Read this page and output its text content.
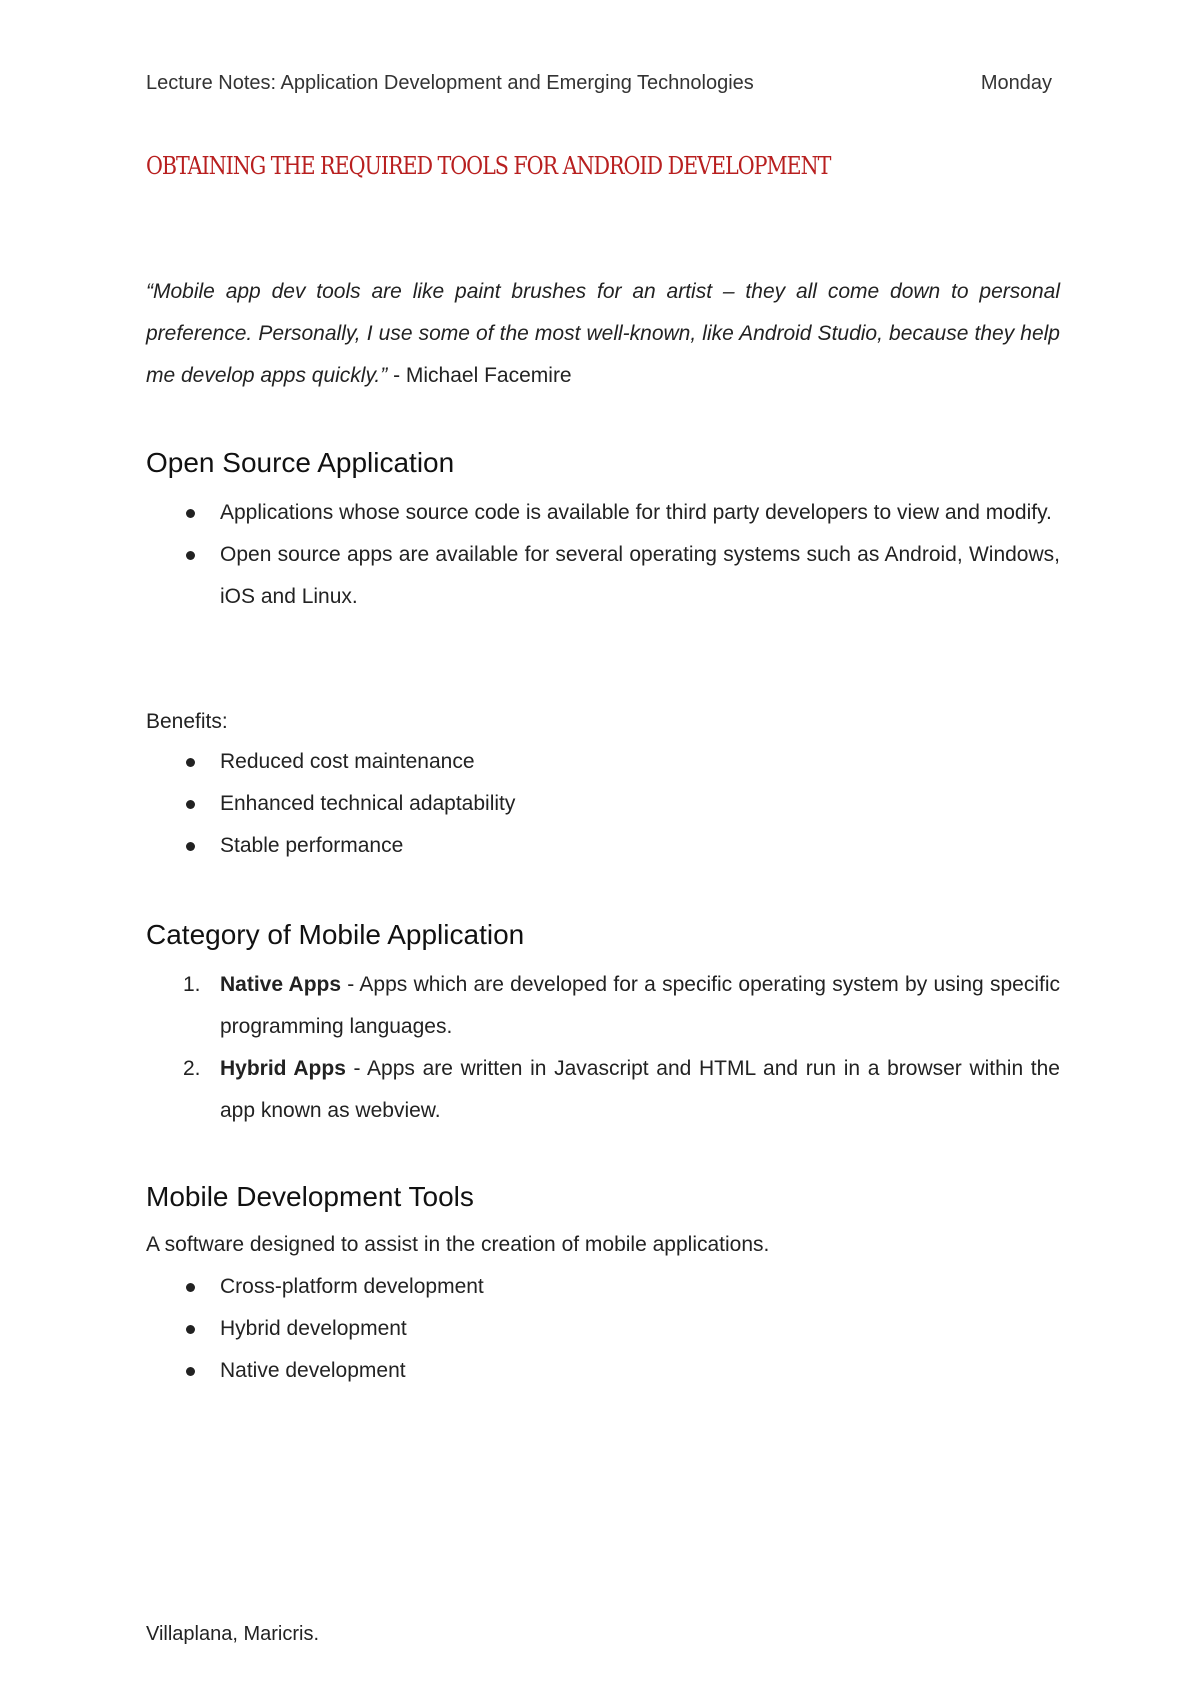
Lecture Notes: Application Development and Emerging Technologies	Monday
OBTAINING THE REQUIRED TOOLS FOR ANDROID DEVELOPMENT
“Mobile app dev tools are like paint brushes for an artist – they all come down to personal preference. Personally, I use some of the most well-known, like Android Studio, because they help me develop apps quickly.” - Michael Facemire
Open Source Application
Applications whose source code is available for third party developers to view and modify.
Open source apps are available for several operating systems such as Android, Windows, iOS and Linux.
Benefits:
Reduced cost maintenance
Enhanced technical adaptability
Stable performance
Category of Mobile Application
1. Native Apps - Apps which are developed for a specific operating system by using specific programming languages.
2. Hybrid Apps - Apps are written in Javascript and HTML and run in a browser within the app known as webview.
Mobile Development Tools
A software designed to assist in the creation of mobile applications.
Cross-platform development
Hybrid development
Native development
Villaplana, Maricris.
